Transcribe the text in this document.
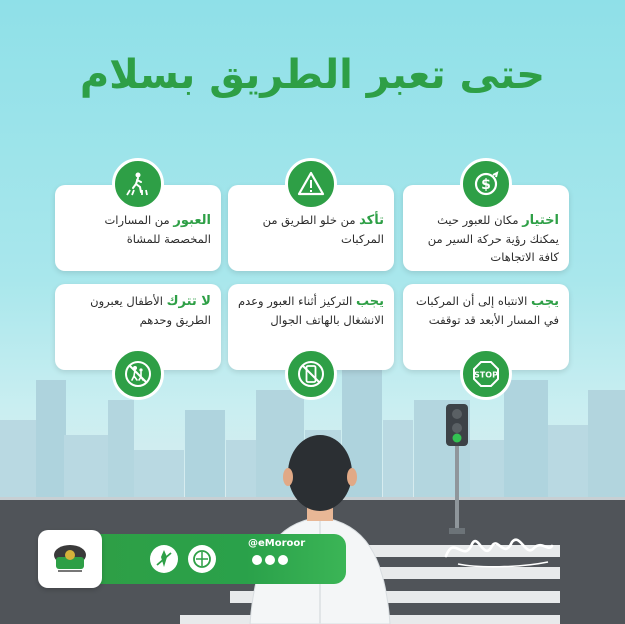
حتى تعبر الطريق بسلام
اختيار مكان للعبور حيث يمكنك رؤية حركة السير من كافة الاتجاهات
$
تأكد من خلو الطريق من المركبات
العبور من المسارات المخصصة للمشاة
يجب الانتباه إلى أن المركبات في المسار الأبعد قد توقفت
STOP
يجب التركيز أثناء العبور وعدم الانشغال بالهاتف الجوال
لا تترك الأطفال يعبرون الطريق وحدهم
@eMoroor
